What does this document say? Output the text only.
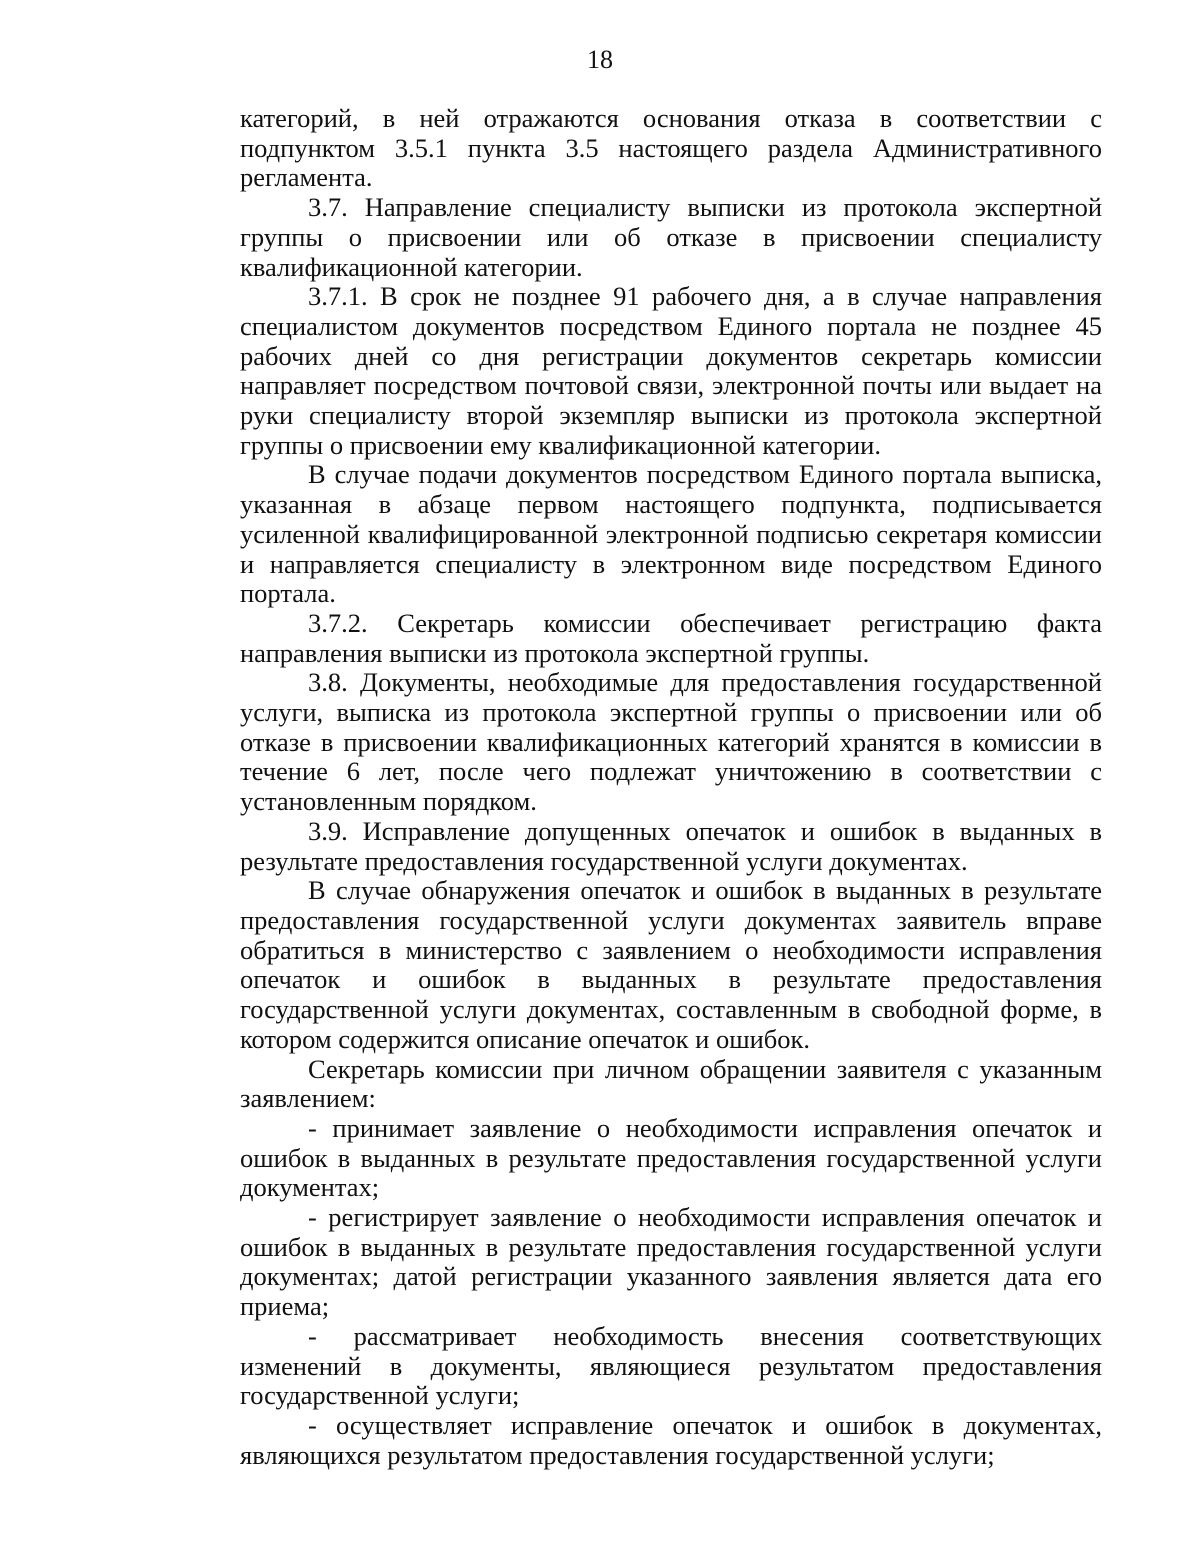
18

категорий, в ней отражаются основания отказа в соответствии с подпунктом 3.5.1 пункта 3.5 настоящего раздела Административного регламента.

3.7. Направление специалисту выписки из протокола экспертной группы о присвоении или об отказе в присвоении специалисту квалификационной категории.

3.7.1. В срок не позднее 91 рабочего дня, а в случае направления специалистом документов посредством Единого портала не позднее 45 рабочих дней со дня регистрации документов секретарь комиссии направляет посредством почтовой связи, электронной почты или выдает на руки специалисту второй экземпляр выписки из протокола экспертной группы о присвоении ему квалификационной категории.

В случае подачи документов посредством Единого портала выписка, указанная в абзаце первом настоящего подпункта, подписывается усиленной квалифицированной электронной подписью секретаря комиссии и направляется специалисту в электронном виде посредством Единого портала.

3.7.2. Секретарь комиссии обеспечивает регистрацию факта направления выписки из протокола экспертной группы.

3.8. Документы, необходимые для предоставления государственной услуги, выписка из протокола экспертной группы о присвоении или об отказе в присвоении квалификационных категорий хранятся в комиссии в течение 6 лет, после чего подлежат уничтожению в соответствии с установленным порядком.

3.9. Исправление допущенных опечаток и ошибок в выданных в результате предоставления государственной услуги документах.

В случае обнаружения опечаток и ошибок в выданных в результате предоставления государственной услуги документах заявитель вправе обратиться в министерство с заявлением о необходимости исправления опечаток и ошибок в выданных в результате предоставления государственной услуги документах, составленным в свободной форме, в котором содержится описание опечаток и ошибок.

Секретарь комиссии при личном обращении заявителя с указанным заявлением:

- принимает заявление о необходимости исправления опечаток и ошибок в выданных в результате предоставления государственной услуги документах;

- регистрирует заявление о необходимости исправления опечаток и ошибок в выданных в результате предоставления государственной услуги документах; датой регистрации указанного заявления является дата его приема;

- рассматривает необходимость внесения соответствующих изменений в документы, являющиеся результатом предоставления государственной услуги;

- осуществляет исправление опечаток и ошибок в документах, являющихся результатом предоставления государственной услуги;
